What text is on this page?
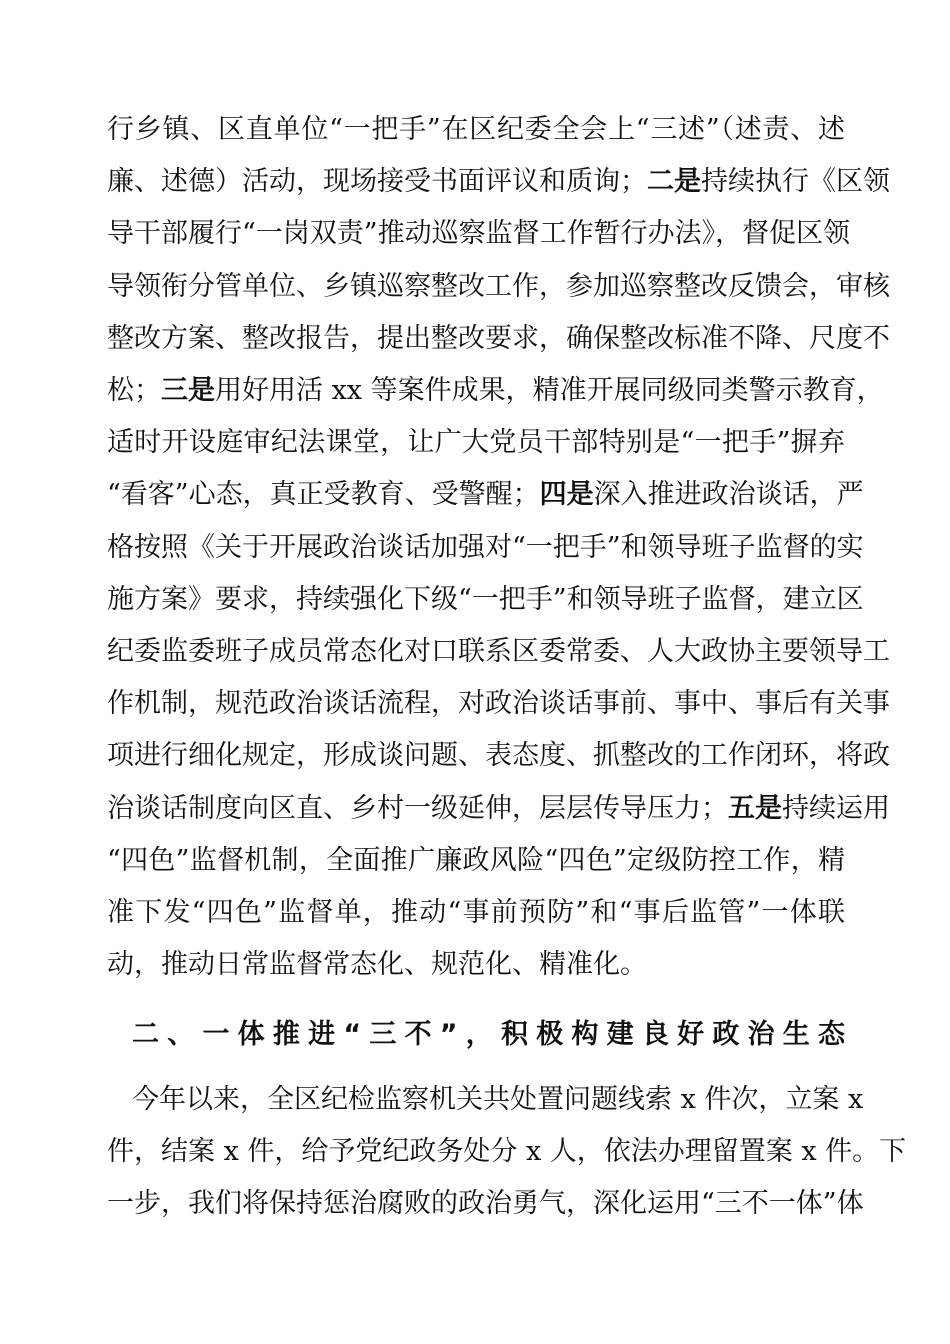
二、一体推进“三不”，积极构建良好政治生态
行乡镇、区直单位“一把手”在区纪委全会上“三述”（述责、述
廉、述德）活动，现场接受书面评议和质询；二是持续执行《区领
导干部履行“一岗双责”推动巡察监督工作暂行办法》，督促区领
导领衔分管单位、乡镇巡察整改工作，参加巡察整改反馈会，审核
整改方案、整改报告，提出整改要求，确保整改标准不降、尺度不
松；三是用好用活 xx 等案件成果，精准开展同级同类警示教育，
适时开设庭审纪法课堂，让广大党员干部特别是“一把手”摒弃
“看客”心态，真正受教育、受警醒；四是深入推进政治谈话，严
格按照《关于开展政治谈话加强对“一把手”和领导班子监督的实
施方案》要求，持续强化下级“一把手”和领导班子监督，建立区
纪委监委班子成员常态化对口联系区委常委、人大政协主要领导工
作机制，规范政治谈话流程，对政治谈话事前、事中、事后有关事
项进行细化规定，形成谈问题、表态度、抓整改的工作闭环，将政
治谈话制度向区直、乡村一级延伸，层层传导压力；五是持续运用
“四色”监督机制，全面推广廉政风险“四色”定级防控工作，精
准下发“四色”监督单，推动“事前预防”和“事后监管”一体联
动，推动日常监督常态化、规范化、精准化。
今年以来，全区纪检监察机关共处置问题线索 x 件次，立案 x
件，结案 x 件，给予党纪政务处分 x 人，依法办理留置案 x 件。下
一步，我们将保持惩治腐败的政治勇气，深化运用“三不一体”体
